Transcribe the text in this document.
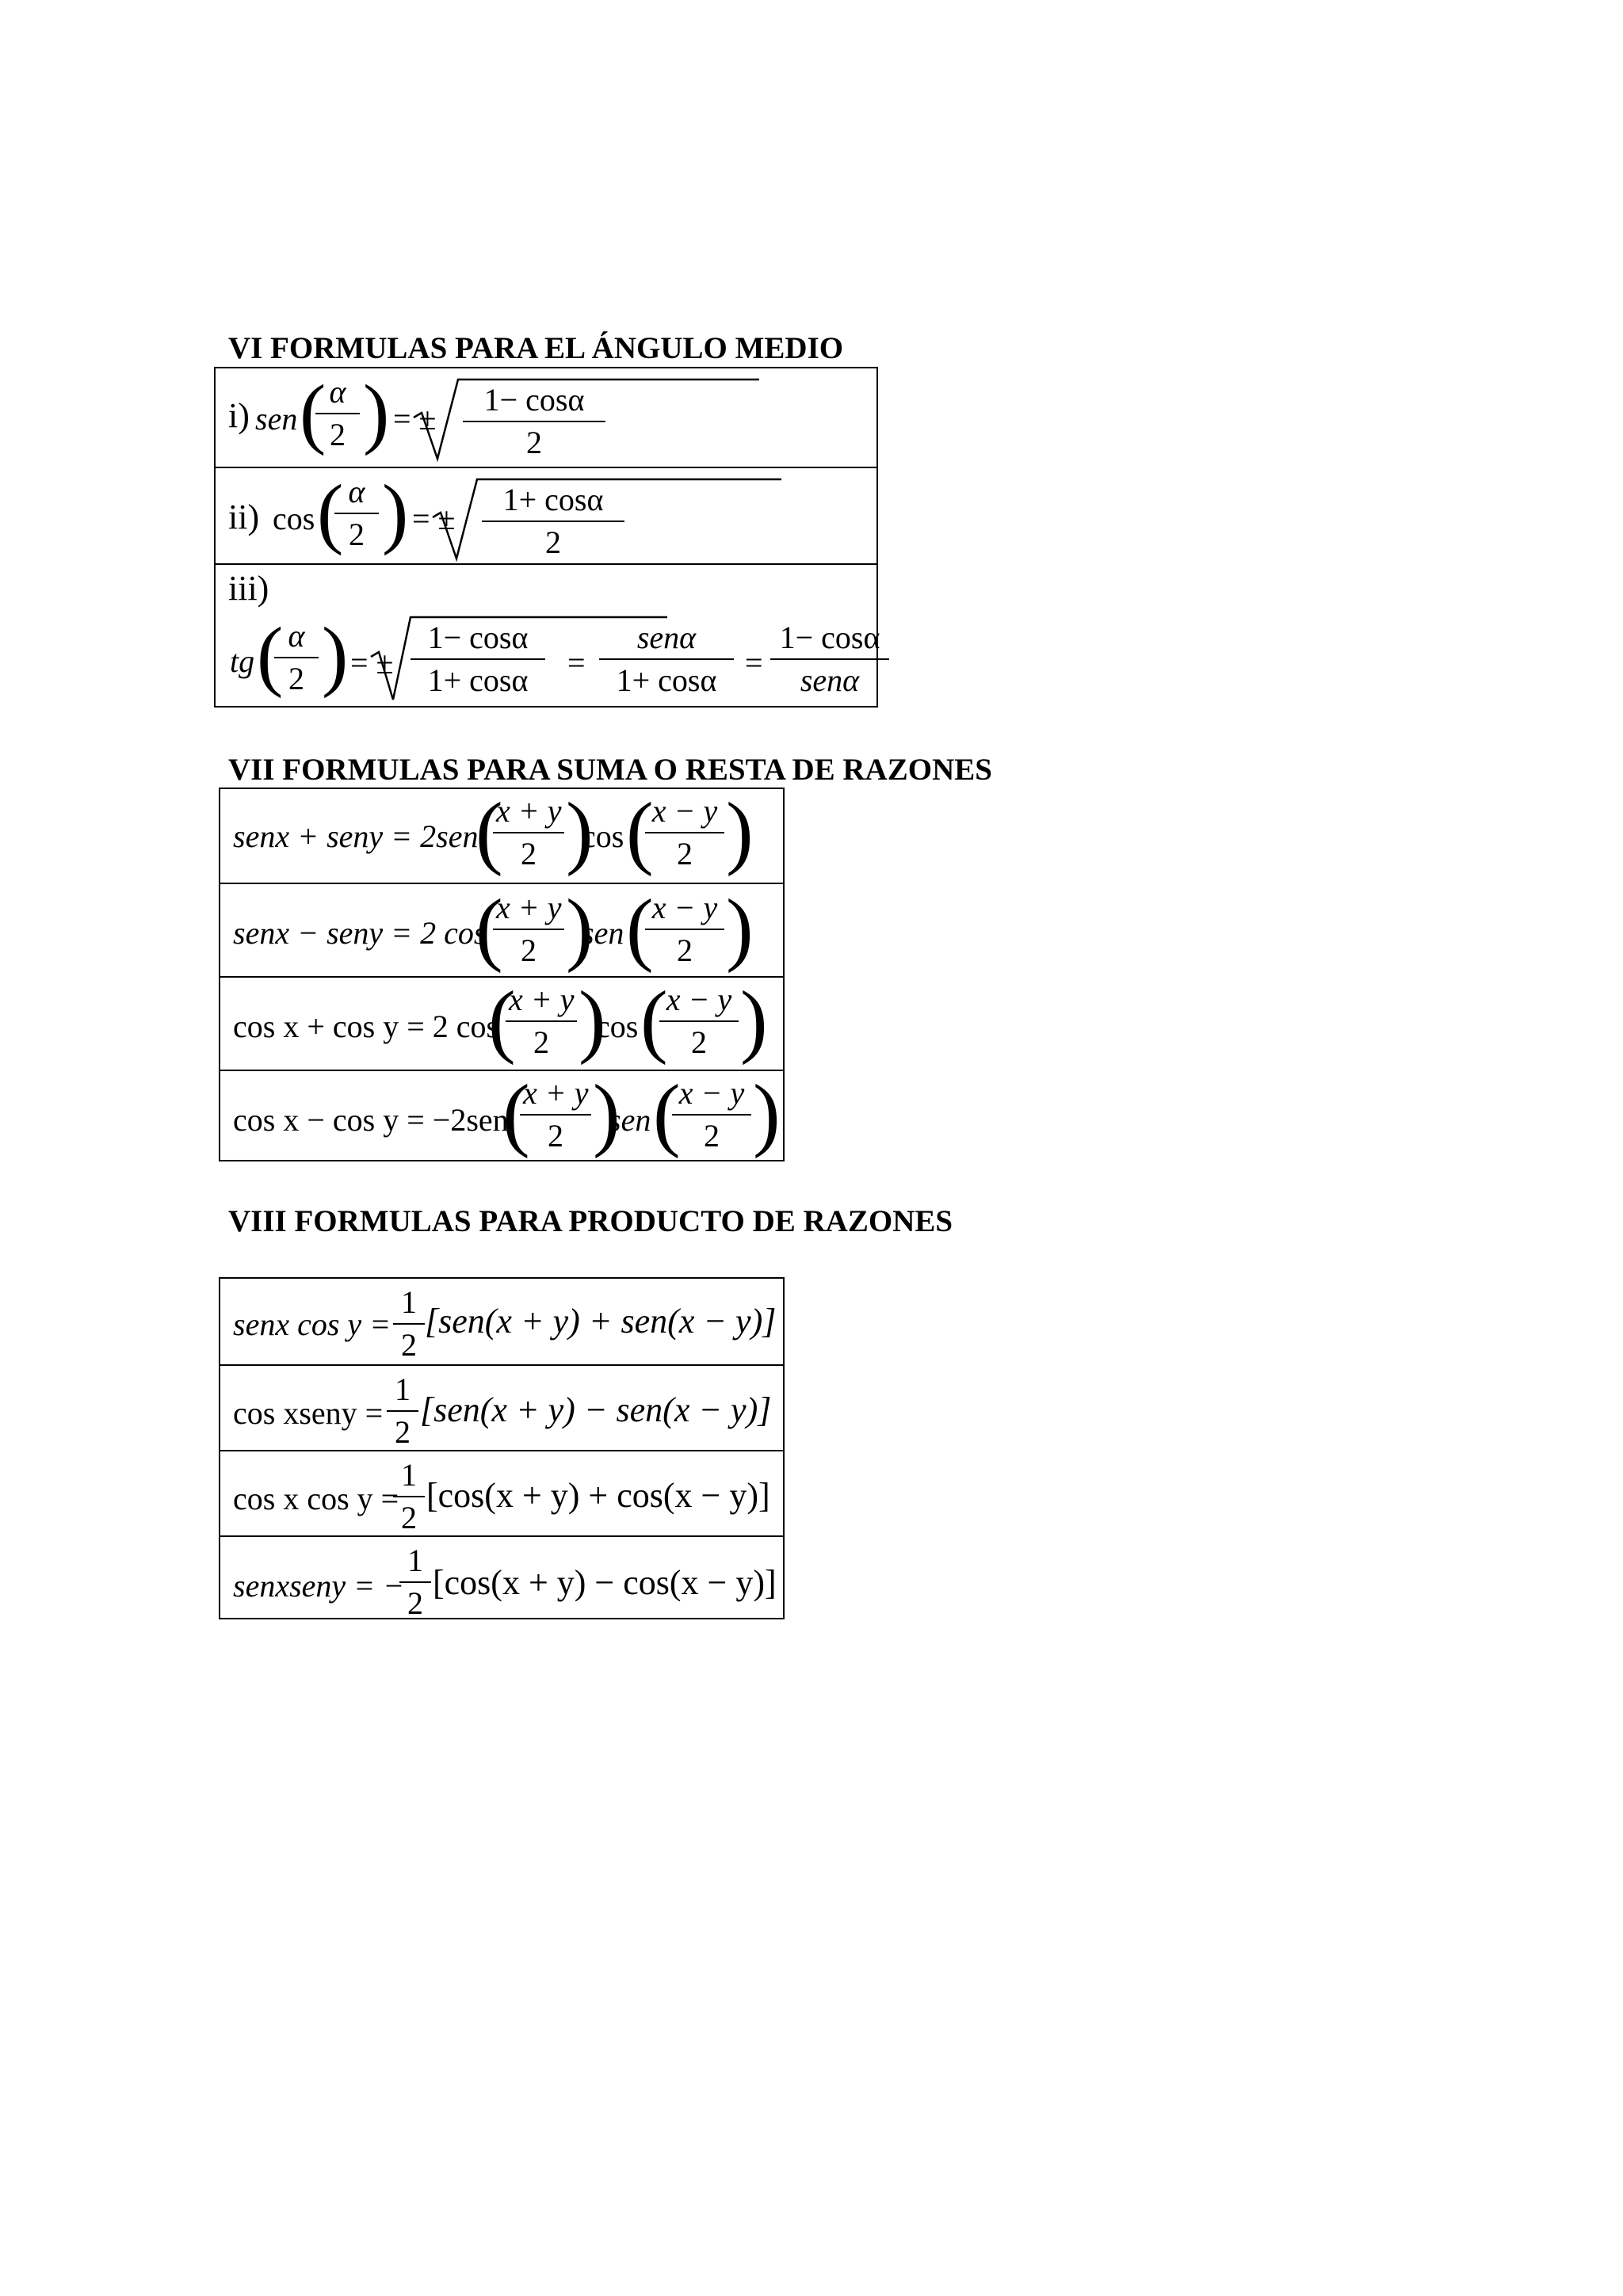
VI FORMULAS PARA EL ÁNGULO MEDIO
i) sen ( α
2 ) = ±
1− cosα
2
ii) cos ( α
2 ) = ±
1+ cosα
2
iii)
tg ( α
2 ) = ±
1− cosα
1+ cosα	=
senα
1+ cosα =
1− cosα
senα
VII FORMULAS PARA SUMA O RESTA DE RAZONES
senx + seny = 2sen
(
x + y
2 )
cos (
x − y
2 )
senx − seny = 2 cos
(
x + y
2 )
sen (
x − y
2 )
cos x + cos y = 2 cos
(
x + y
2 )
cos (
x − y
2 )
cos x − cos y = −2sen
(
x + y
2 )
sen (
x − y
2 )
VIII FORMULAS PARA PRODUCTO DE RAZONES
senx cos y =
1
2
[sen(x + y) + sen(x − y)]
cos xseny =
1
2
[sen(x + y) − sen(x − y)]
cos x cos y =
1
2
[cos(x + y) + cos(x − y)]
senxseny = −
1
2
[cos(x + y) − cos(x − y)]
